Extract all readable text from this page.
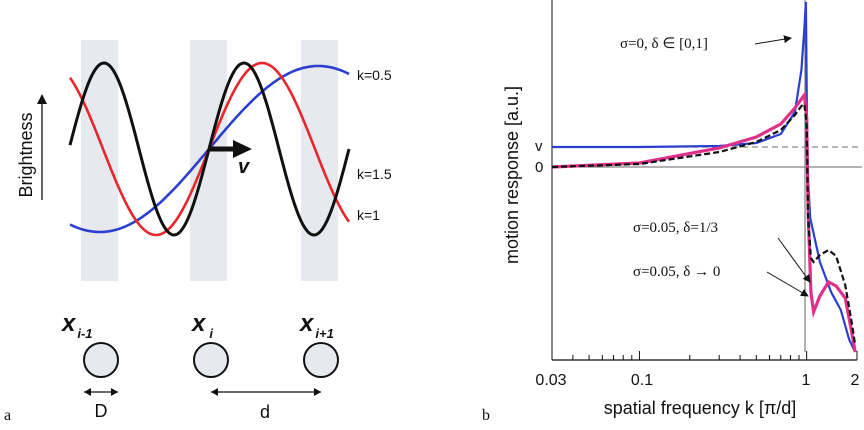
Brightness	v
k=0.5
k=1.5
k=1
x $_{i-1}$	x $_i$	x $_{i+1}$
D	d
a
v
0
0.03	0.1	1	2
spatial frequency k [π/d]
motion response [a.u.]
σ=0, δ ∈ [0,1]
σ=0.05, δ=1/3
σ=0.05, δ → 0
b
